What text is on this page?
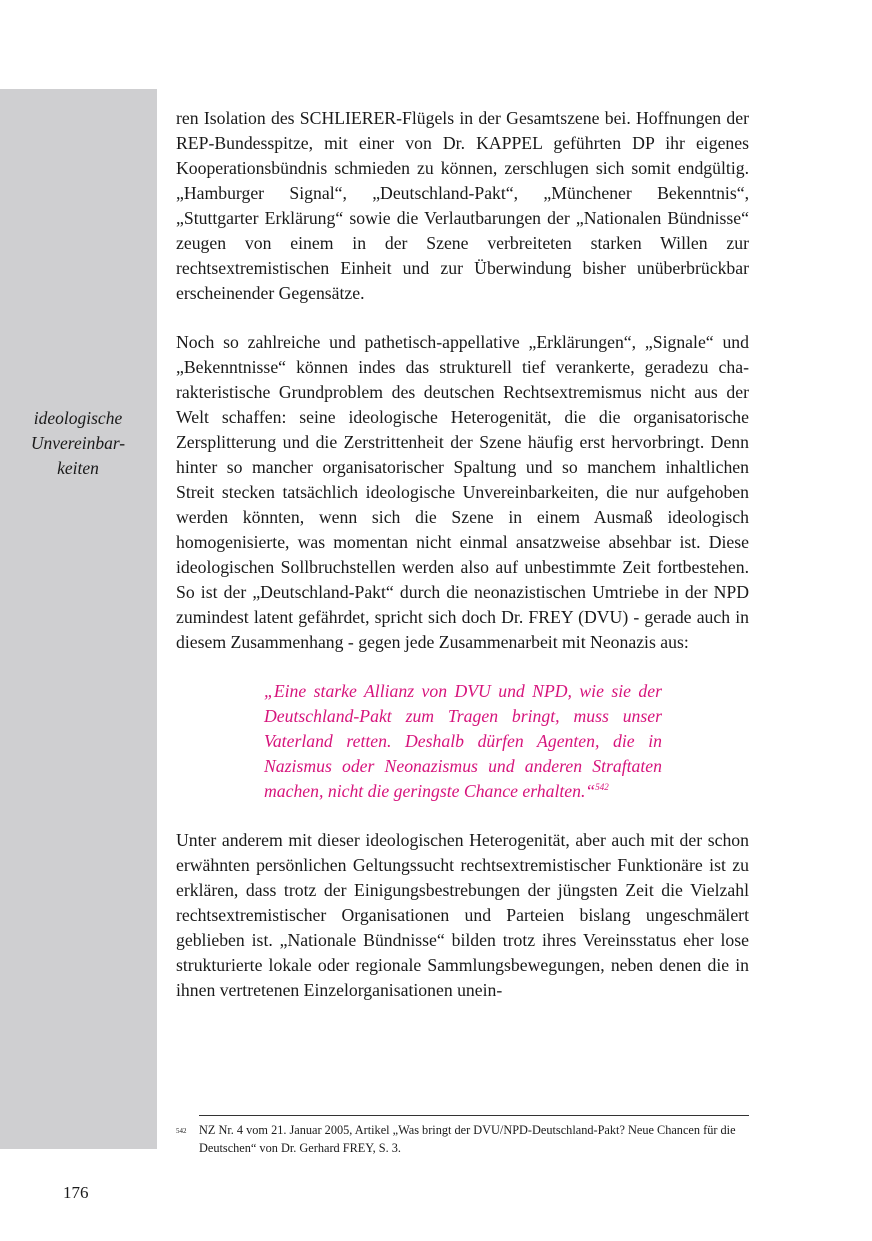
ideologische
Unvereinbar-
keiten

ren Isolation des SCHLIERER-Flügels in der Gesamtszene bei. Hoffnungen der REP-Bundesspitze, mit einer von Dr. KAPPEL geführten DP ihr eigenes Kooperationsbündnis schmieden zu können, zerschlugen sich somit endgültig. „Hamburger Signal“, „Deutschland-Pakt“, „Münchener Bekenntnis“, „Stuttgarter Erklärung“ sowie die Verlautbarungen der „Nationalen Bündnisse“ zeugen von einem in der Szene verbreiteten starken Willen zur rechtsextremistischen Einheit und zur Überwindung bisher unüberbrückbar erscheinender Gegensätze.

Noch so zahlreiche und pathetisch-appellative „Erklärungen“, „Signale“ und „Bekenntnisse“ können indes das strukturell tief verankerte, geradezu charakteristische Grundproblem des deutschen Rechtsextremismus nicht aus der Welt schaffen: seine ideologische Heterogenität, die die organisatorische Zersplitterung und die Zerstrittenheit der Szene häufig erst hervorbringt. Denn hinter so mancher organisatorischer Spaltung und so manchem inhaltlichen Streit stecken tatsächlich ideologische Unvereinbarkeiten, die nur aufgehoben werden könnten, wenn sich die Szene in einem Ausmaß ideologisch homogenisierte, was momentan nicht einmal ansatzweise absehbar ist. Diese ideologischen Sollbruchstellen werden also auf unbestimmte Zeit fortbestehen. So ist der „Deutschland-Pakt“ durch die neonazistischen Umtriebe in der NPD zumindest latent gefährdet, spricht sich doch Dr. FREY (DVU) - gerade auch in diesem Zusammenhang - gegen jede Zusammenarbeit mit Neonazis aus:

„Eine starke Allianz von DVU und NPD, wie sie der Deutschland-Pakt zum Tragen bringt, muss unser Vaterland retten. Deshalb dürfen Agenten, die in Nazismus oder Neonazismus und anderen Straftaten machen, nicht die geringste Chance erhalten.“$^{542}$

Unter anderem mit dieser ideologischen Heterogenität, aber auch mit der schon erwähnten persönlichen Geltungssucht rechtsextremistischer Funktionäre ist zu erklären, dass trotz der Einigungsbestrebungen der jüngsten Zeit die Vielzahl rechtsextremistischer Organisationen und Parteien bislang ungeschmälert geblieben ist. „Nationale Bündnisse“ bilden trotz ihres Vereinsstatus eher lose strukturierte lokale oder regionale Sammlungsbewegungen, neben denen die in ihnen vertretenen Einzelorganisationen unein-

542 NZ Nr. 4 vom 21. Januar 2005, Artikel „Was bringt der DVU/NPD-Deutschland-Pakt? Neue Chancen für die Deutschen“ von Dr. Gerhard FREY, S. 3.
176
